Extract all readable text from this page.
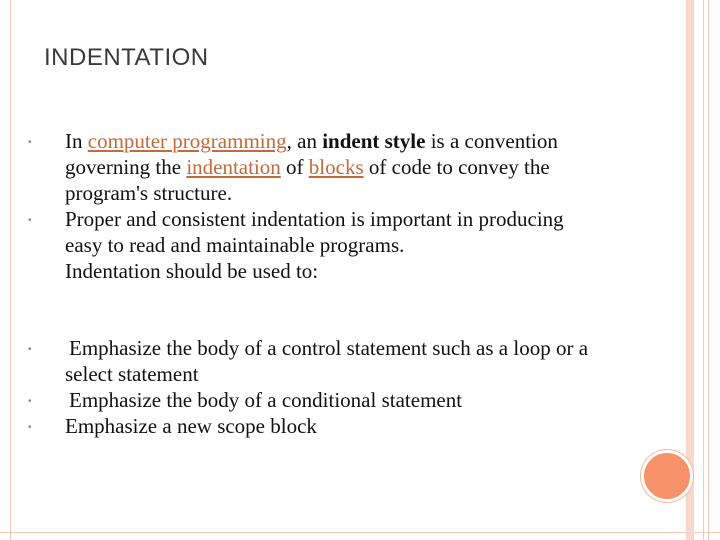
INDENTATION
• In computer programming, an indent style is a convention governing the indentation of blocks of code to convey the program's structure.
• Proper and consistent indentation is important in producing easy to read and maintainable programs.
Indentation should be used to:
• Emphasize the body of a control statement such as a loop or a select statement
• Emphasize the body of a conditional statement
• Emphasize a new scope block
